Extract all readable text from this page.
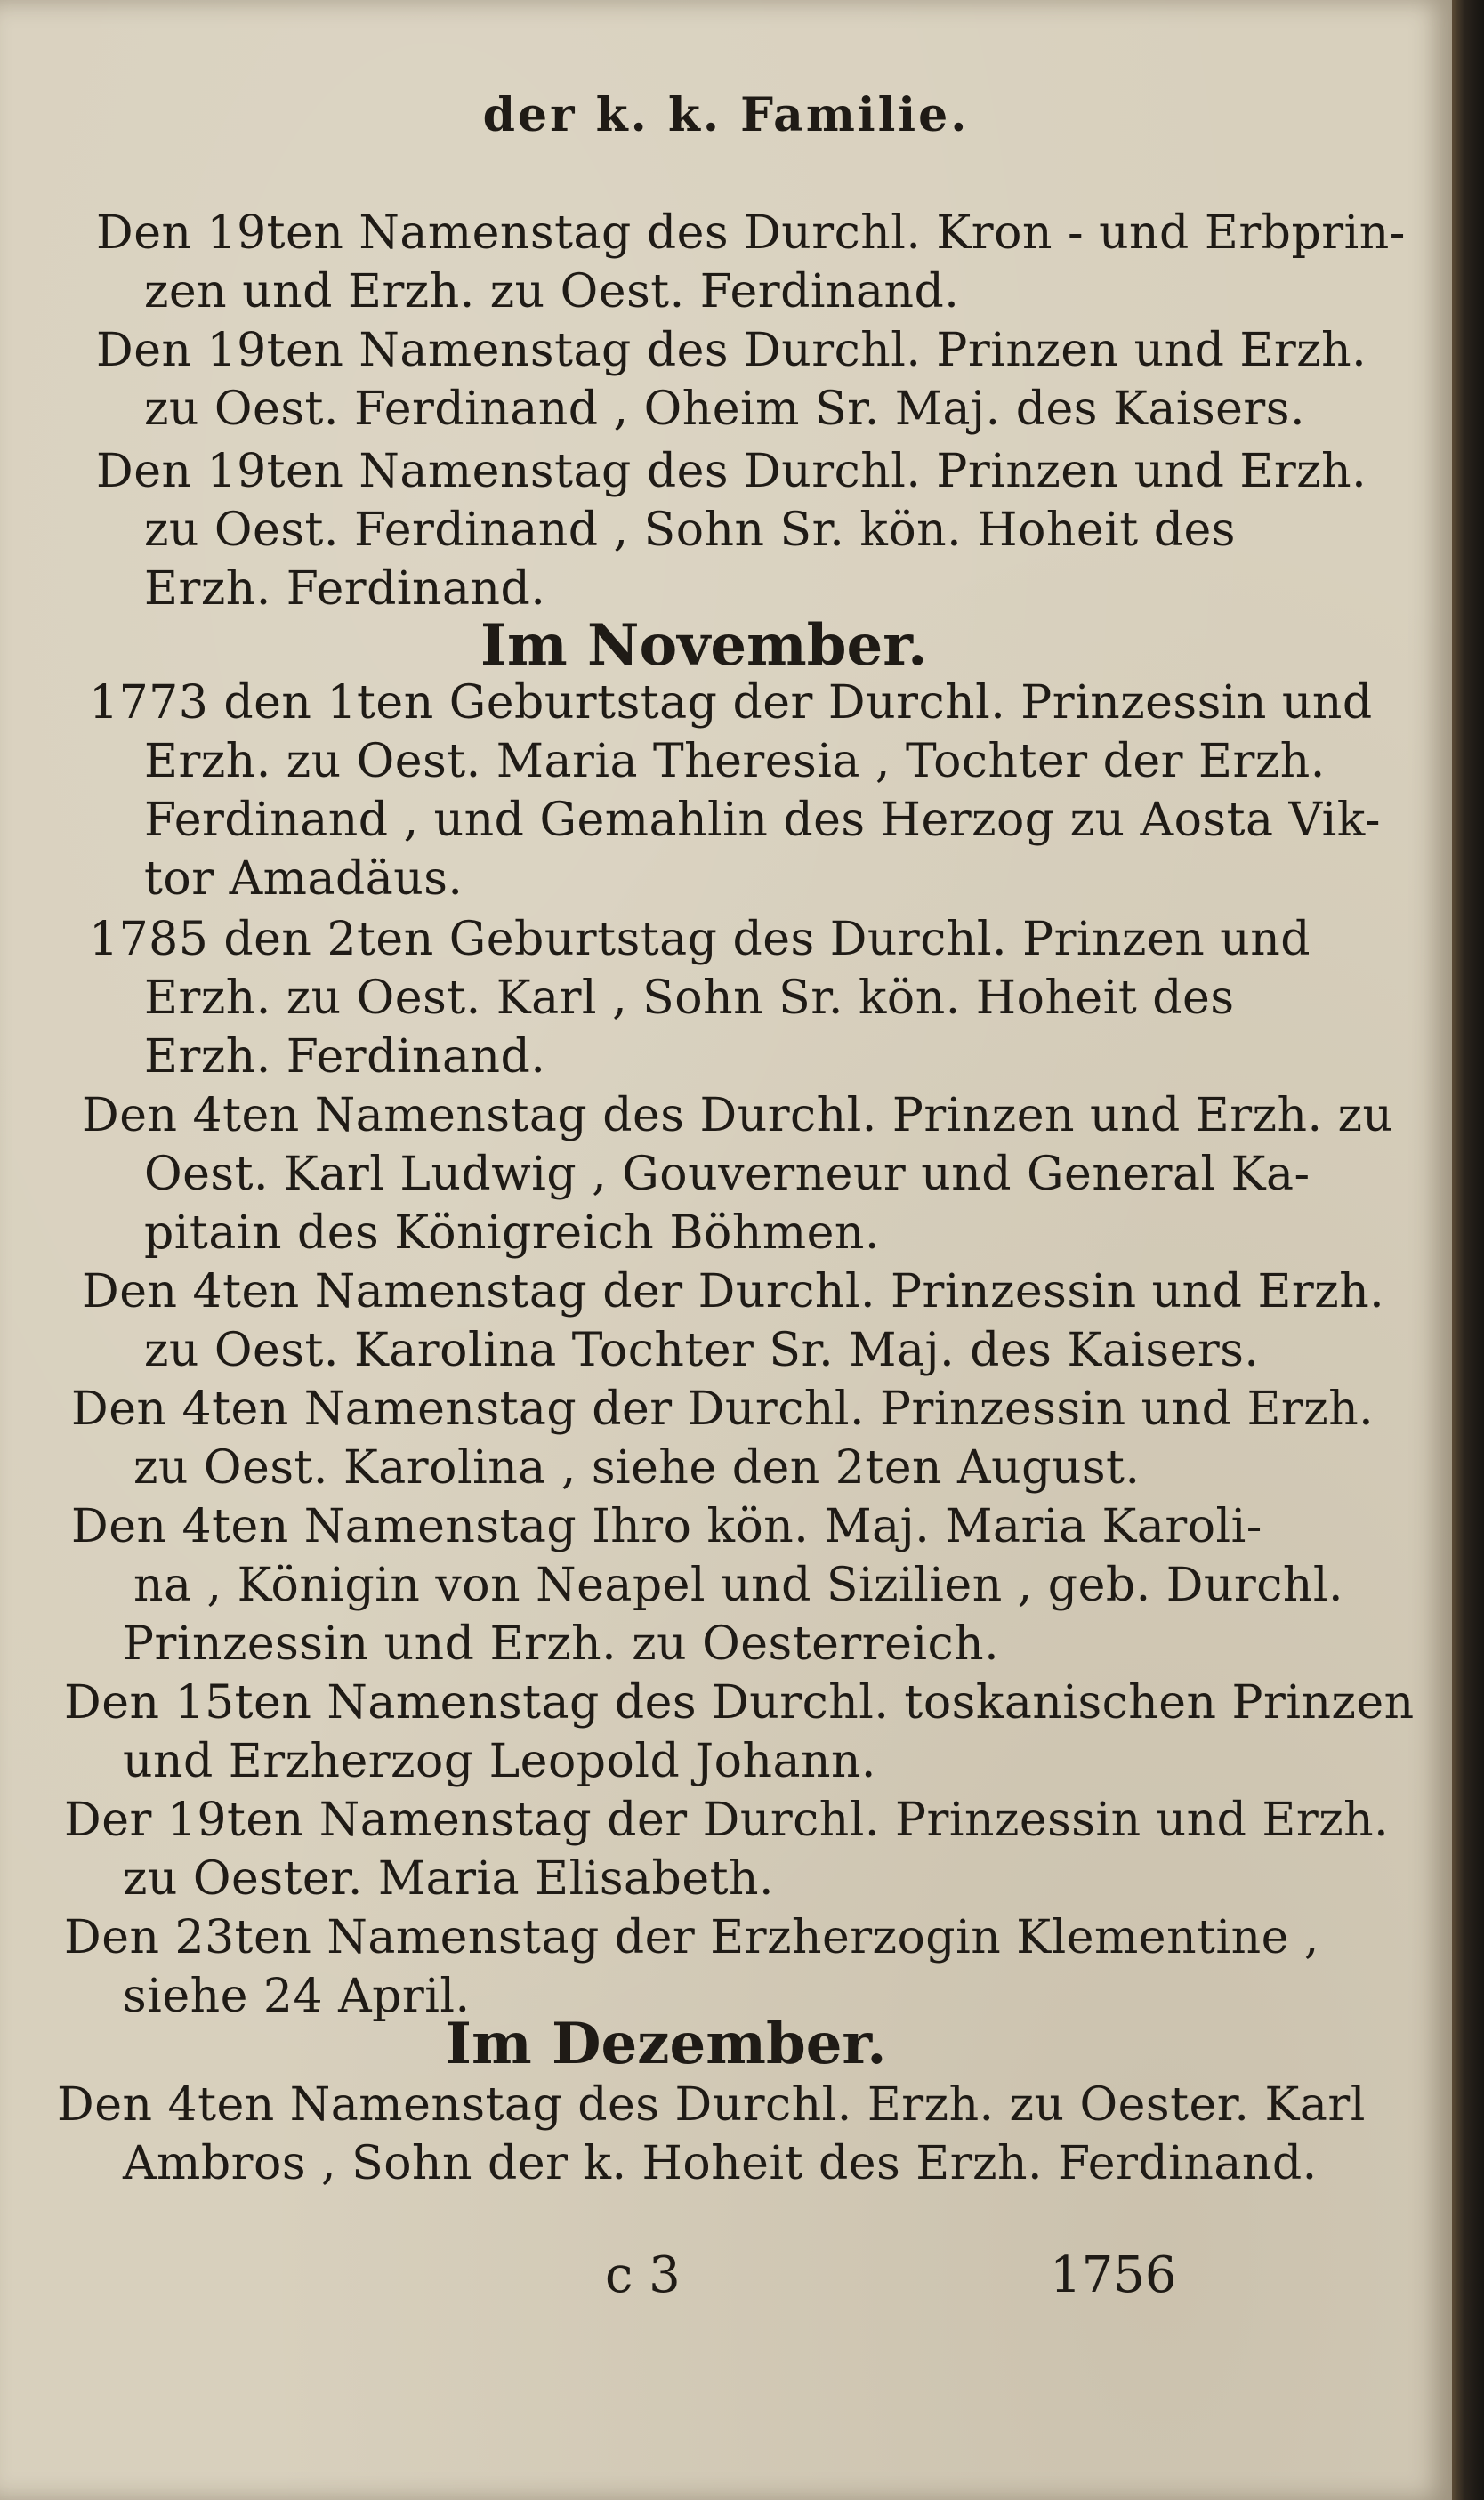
der k. k. Familie.
Den 19ten Namenstag des Durchl. Kron - und Erbprin-
zen und Erzh. zu Oest. Ferdinand.
Den 19ten Namenstag des Durchl. Prinzen und Erzh.
zu Oest. Ferdinand , Oheim Sr. Maj. des Kaisers.
Den 19ten Namenstag des Durchl. Prinzen und Erzh.
zu Oest. Ferdinand , Sohn Sr. kön. Hoheit des
Erzh. Ferdinand.
Im November.
1773 den 1ten Geburtstag der Durchl. Prinzessin und
Erzh. zu Oest. Maria Theresia , Tochter der Erzh.
Ferdinand , und Gemahlin des Herzog zu Aosta Vik-
tor Amadäus.
1785 den 2ten Geburtstag des Durchl. Prinzen und
Erzh. zu Oest. Karl , Sohn Sr. kön. Hoheit des
Erzh. Ferdinand.
Den 4ten Namenstag des Durchl. Prinzen und Erzh. zu
Oest. Karl Ludwig , Gouverneur und General Ka-
pitain des Königreich Böhmen.
Den 4ten Namenstag der Durchl. Prinzessin und Erzh.
zu Oest. Karolina Tochter Sr. Maj. des Kaisers.
Den 4ten Namenstag der Durchl. Prinzessin und Erzh.
zu Oest. Karolina , siehe den 2ten August.
Den 4ten Namenstag Ihro kön. Maj. Maria Karoli-
na , Königin von Neapel und Sizilien , geb. Durchl.
Prinzessin und Erzh. zu Oesterreich.
Den 15ten Namenstag des Durchl. toskanischen Prinzen
und Erzherzog Leopold Johann.
Der 19ten Namenstag der Durchl. Prinzessin und Erzh.
zu Oester. Maria Elisabeth.
Den 23ten Namenstag der Erzherzogin Klementine ,
siehe 24 April.
Im Dezember.
Den 4ten Namenstag des Durchl. Erzh. zu Oester. Karl
Ambros , Sohn der k. Hoheit des Erzh. Ferdinand.
c 3	1756
